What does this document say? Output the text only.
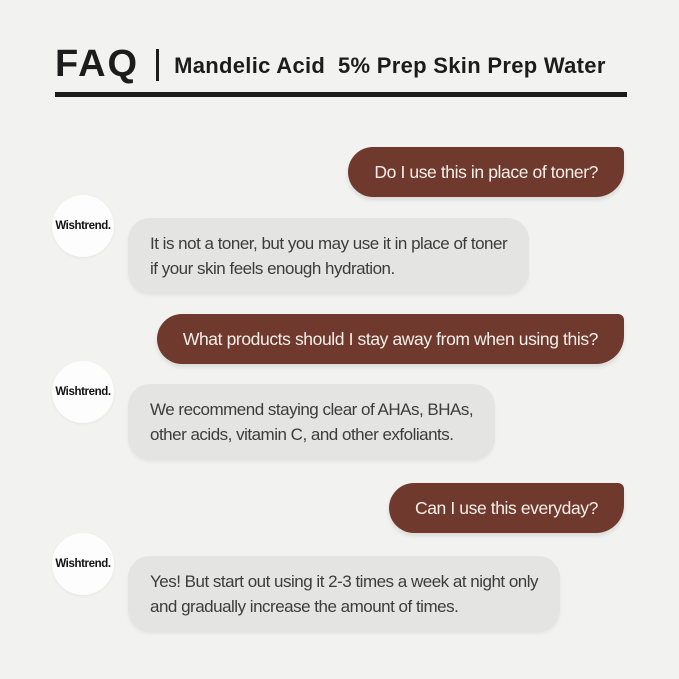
FAQ Mandelic Acid  5% Prep Skin Prep Water
Do I use this in place of toner?
Wishtrend.
It is not a toner, but you may use it in place of toner
if your skin feels enough hydration.
What products should I stay away from when using this?
Wishtrend.
We recommend staying clear of AHAs, BHAs,
other acids, vitamin C, and other exfoliants.
Can I use this everyday?
Wishtrend.
Yes! But start out using it 2-3 times a week at night only
and gradually increase the amount of times.
